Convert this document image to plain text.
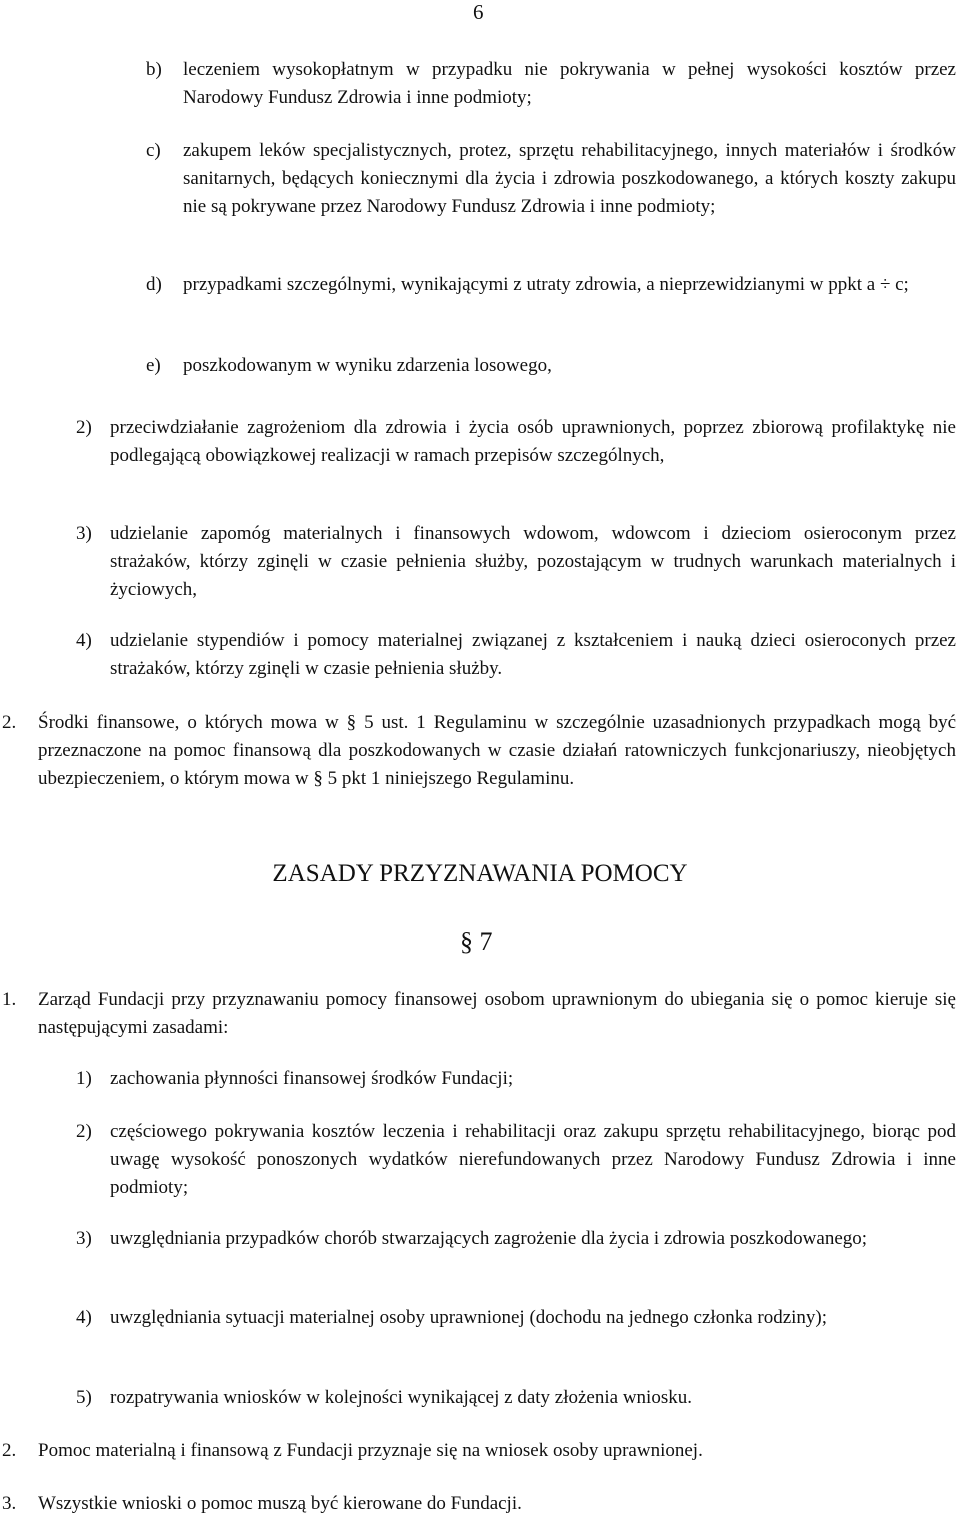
6
b) leczeniem wysokopłatnym w przypadku nie pokrywania w pełnej wysokości kosztów przez Narodowy Fundusz Zdrowia i inne podmioty;
c) zakupem leków specjalistycznych, protez, sprzętu rehabilitacyjnego, innych materiałów i środków sanitarnych, będących koniecznymi dla życia i zdrowia poszkodowanego, a których koszty zakupu nie są pokrywane przez Narodowy Fundusz Zdrowia i inne podmioty;
d) przypadkami szczególnymi, wynikającymi z utraty zdrowia, a nieprzewidzianymi w ppkt a ÷ c;
e) poszkodowanym w wyniku zdarzenia losowego,
2) przeciwdziałanie zagrożeniom dla zdrowia i życia osób uprawnionych, poprzez zbiorową profilaktykę nie podlegającą obowiązkowej realizacji w ramach przepisów szczególnych,
3) udzielanie zapomóg materialnych i finansowych wdowom, wdowcom i dzieciom osieroconym przez strażaków, którzy zginęli w czasie pełnienia służby, pozostającym w trudnych warunkach materialnych i życiowych,
4) udzielanie stypendiów i pomocy materialnej związanej z kształceniem i nauką dzieci osieroconych przez strażaków, którzy zginęli w czasie pełnienia służby.
2. Środki finansowe, o których mowa w § 5 ust. 1 Regulaminu w szczególnie uzasadnionych przypadkach mogą być przeznaczone na pomoc finansową dla poszkodowanych w czasie działań ratowniczych funkcjonariuszy, nieobjętych ubezpieczeniem, o którym mowa w § 5 pkt 1 niniejszego Regulaminu.
ZASADY PRZYZNAWANIA POMOCY
§ 7
1. Zarząd Fundacji przy przyznawaniu pomocy finansowej osobom uprawnionym do ubiegania się o pomoc kieruje się następującymi zasadami:
1) zachowania płynności finansowej środków Fundacji;
2) częściowego pokrywania kosztów leczenia i rehabilitacji oraz zakupu sprzętu rehabilitacyjnego, biorąc pod uwagę wysokość ponoszonych wydatków nierefundowanych przez Narodowy Fundusz Zdrowia i inne podmioty;
3) uwzględniania przypadków chorób stwarzających zagrożenie dla życia i zdrowia poszkodowanego;
4) uwzględniania sytuacji materialnej osoby uprawnionej (dochodu na jednego członka rodziny);
5) rozpatrywania wniosków w kolejności wynikającej z daty złożenia wniosku.
2. Pomoc materialną i finansową z Fundacji przyznaje się na wniosek osoby uprawnionej.
3. Wszystkie wnioski o pomoc muszą być kierowane do Fundacji.
